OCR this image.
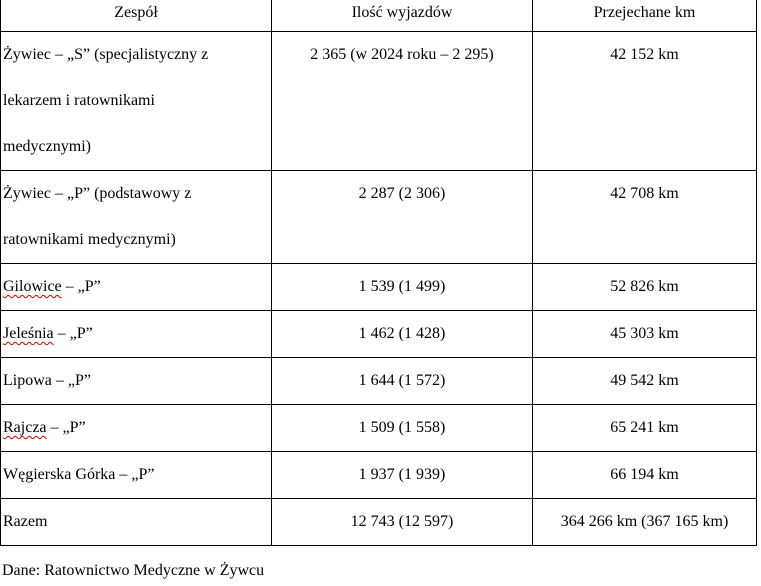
Zespół	Ilość wyjazdów	Przejechane km
Żywiec – „S” (specjalistyczny z
lekarzem i ratownikami
medycznymi)	2 365 (w 2024 roku – 2 295)	42 152 km
Żywiec – „P” (podstawowy z
ratownikami medycznymi)	2 287 (2 306)	42 708 km
Gilowice – „P”	1 539 (1 499)	52 826 km
Jeleśnia – „P”	1 462 (1 428)	45 303 km
Lipowa – „P”	1 644 (1 572)	49 542 km
Rajcza – „P”	1 509 (1 558)	65 241 km
Węgierska Górka – „P”	1 937 (1 939)	66 194 km
Razem	12 743 (12 597)	364 266 km (367 165 km)
Dane: Ratownictwo Medyczne w Żywcu
